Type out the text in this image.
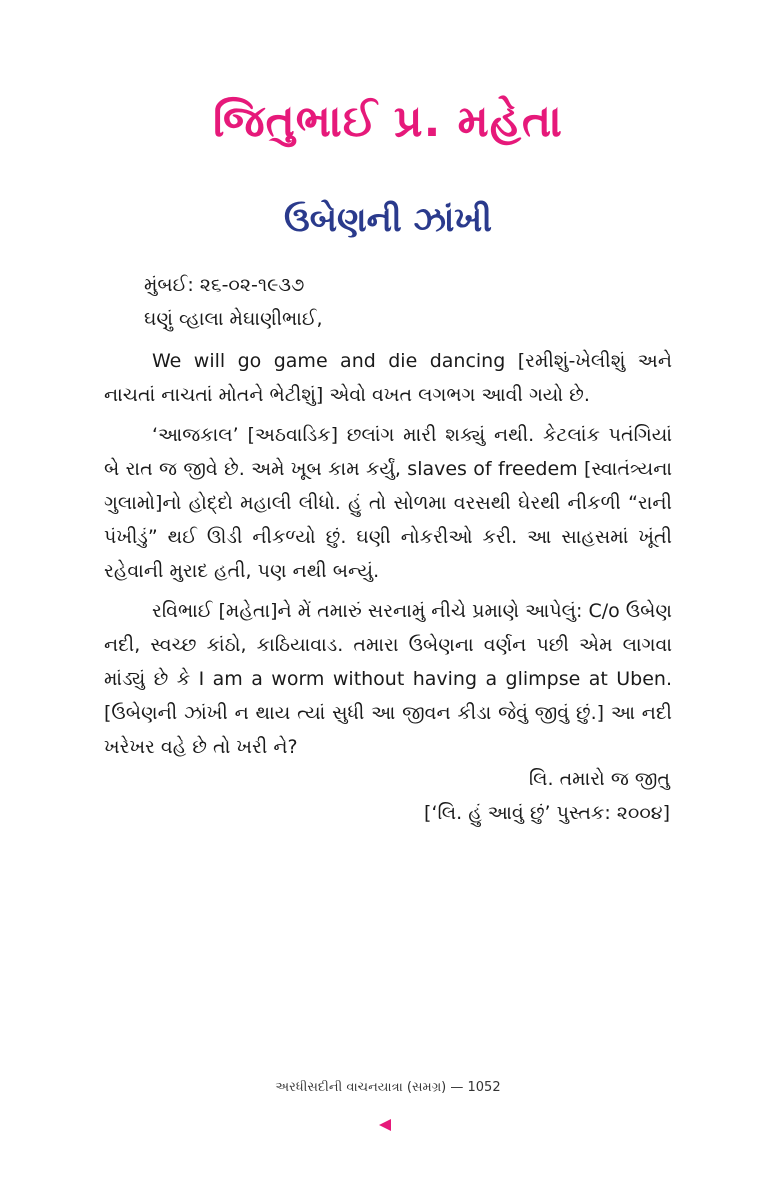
જિતુભાઈ પ્ર. મહેતા
ઉબેણની ઝાંખી

મુંબઈ: ૨૬-૦૨-૧૯૩૭

ઘણું વ્હાલા મેઘાણીભાઈ,

We will go game and die dancing [રમીશું-ખેલીશું અને નાચતાં નાચતાં મોતને ભેટીશું] એવો વખત લગભગ આવી ગયો છે.

‘આજકાલ’ [અઠવાડિક] છલાંગ મારી શક્યું નથી. કેટલાંક પતંગિયાં બે રાત જ જીવે છે. અમે ખૂબ કામ કર્યું, slaves of freedem [સ્વાતંત્ર્યના ગુલામો]નો હોદ્દો મહાલી લીધો. હું તો સોળમા વરસથી ઘેરથી નીકળી “રાની પંખીડું” થઈ ઊડી નીકળ્યો છું. ઘણી નોકરીઓ કરી. આ સાહસમાં ખૂંતી રહેવાની મુરાદ હતી, પણ નથી બન્યું.

રવિભાઈ [મહેતા]ને મેં તમારું સરનામું નીચે પ્રમાણે આપેલું: C/o ઉબેણ નદી, સ્વચ્છ કાંઠો, કાઠિયાવાડ. તમારા ઉબેણના વર્ણન પછી એમ લાગવા માંડ્યું છે કે I am a worm without having a glimpse at Uben. [ઉબેણની ઝાંખી ન થાય ત્યાં સુધી આ જીવન કીડા જેવું જીવું છું.] આ નદી ખરેખર વહે છે તો ખરી ને?

લિ. તમારો જ જીતુ
[‘લિ. હું આવું છું’ પુસ્તક: ૨૦૦૪]
અરધીસદીની વાચનયાત્રા (સમગ્ર) — 1052
